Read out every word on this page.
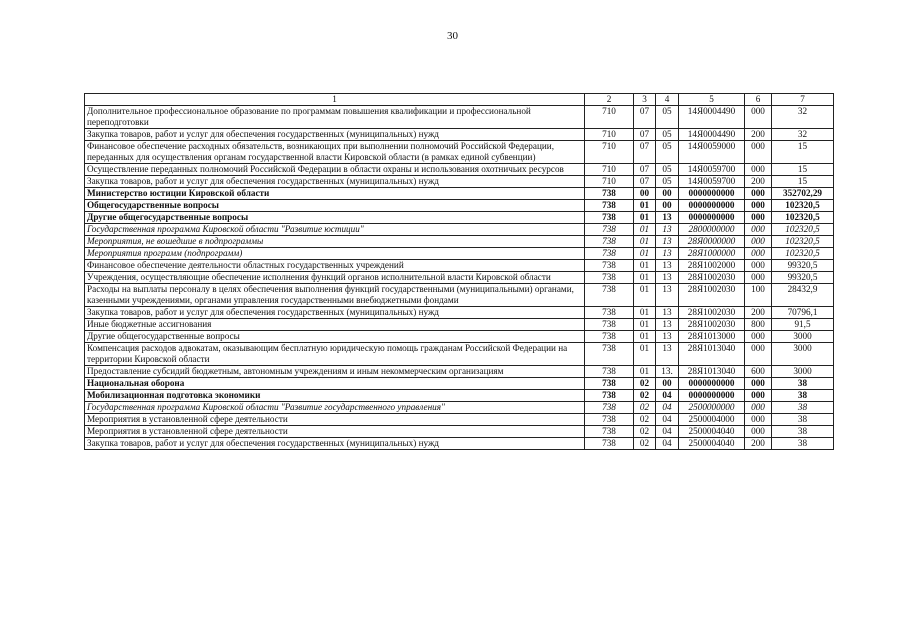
30
1	2	3	4	5	6	7
Дополнительное профессиональное образование по программам повышения квалификации и профессиональной переподготовки	710	07	05	14Я0004490	000	32
Закупка товаров, работ и услуг для обеспечения государственных (муниципальных) нужд	710	07	05	14Я0004490	200	32
Финансовое обеспечение расходных обязательств, возникающих при выполнении полномочий Российской Федерации, переданных для осуществления органам государственной власти Кировской области (в рамках единой субвенции)	710	07	05	14Я0059000	000	15
Осуществление переданных полномочий Российской Федерации в области охраны и использования охотничьих ресурсов	710	07	05	14Я0059700	000	15
Закупка товаров, работ и услуг для обеспечения государственных (муниципальных) нужд	710	07	05	14Я0059700	200	15
Министерство юстиции Кировской области	738	00	00	0000000000	000	352702,29
Общегосударственные вопросы	738	01	00	0000000000	000	102320,5
Другие общегосударственные вопросы	738	01	13	0000000000	000	102320,5
Государственная программа Кировской области "Развитие юстиции"	738	01	13	2800000000	000	102320,5
Мероприятия, не вошедшие в подпрограммы	738	01	13	28Я0000000	000	102320,5
Мероприятия программ (подпрограмм)	738	01	13	28Я1000000	000	102320,5
Финансовое обеспечение деятельности областных государственных учреждений	738	01	13	28Я1002000	000	99320,5
Учреждения, осуществляющие обеспечение исполнения функций органов исполнительной власти Кировской области	738	01	13	28Я1002030	000	99320,5
Расходы на выплаты персоналу в целях обеспечения выполнения функций государственными (муниципальными) органами, казенными учреждениями, органами управления государственными внебюджетными фондами	738	01	13	28Я1002030	100	28432,9
Закупка товаров, работ и услуг для обеспечения государственных (муниципальных) нужд	738	01	13	28Я1002030	200	70796,1
Иные бюджетные ассигнования	738	01	13	28Я1002030	800	91,5
Другие общегосударственные вопросы	738	01	13	28Я1013000	000	3000
Компенсация расходов адвокатам, оказывающим бесплатную юридическую помощь гражданам Российской Федерации на территории Кировской области	738	01	13	28Я1013040	000	3000
Предоставление субсидий бюджетным, автономным учреждениям и иным некоммерческим организациям	738	01	13.	28Я1013040	600	3000
Национальная оборона	738	02	00	0000000000	000	38
Мобилизационная подготовка экономики	738	02	04	0000000000	000	38
Государственная программа Кировской области "Развитие государственного управления"	738	02	04	2500000000	000	38
Мероприятия в установленной сфере деятельности	738	02	04	2500004000	000	38
Мероприятия в установленной сфере деятельности	738	02	04	2500004040	000	38
Закупка товаров, работ и услуг для обеспечения государственных (муниципальных) нужд	738	02	04	2500004040	200	38
